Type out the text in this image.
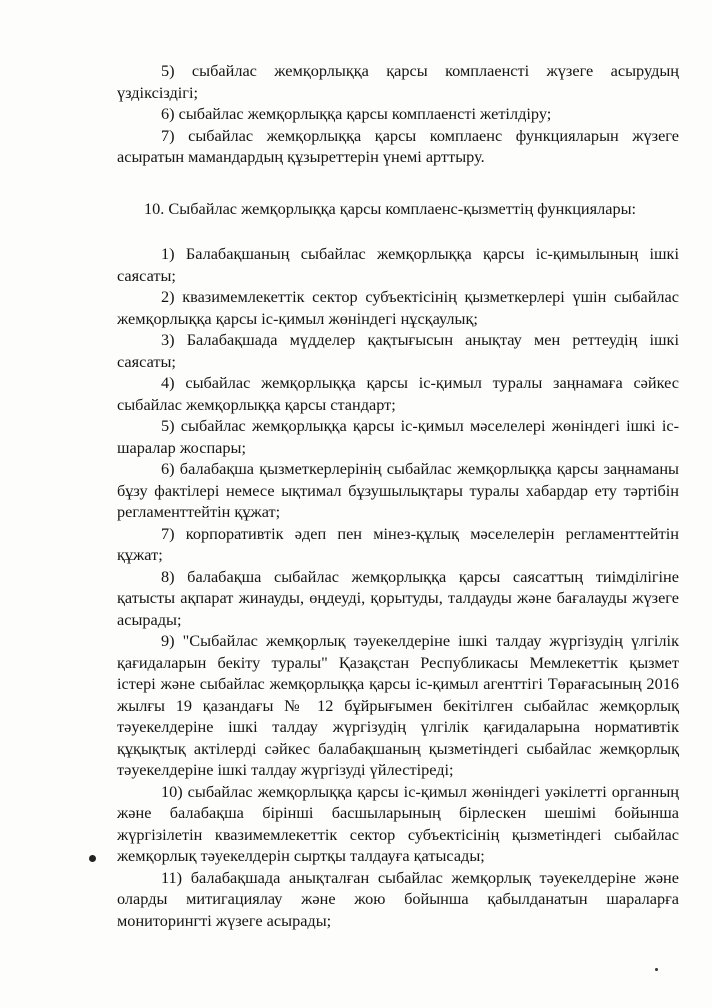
5) сыбайлас жемқорлыққа қарсы комплаенсті жүзеге асырудың үздіксіздігі;

6) сыбайлас жемқорлыққа қарсы комплаенсті жетілдіру;

7) сыбайлас жемқорлыққа қарсы комплаенс функцияларын жүзеге асыратын мамандардың құзыреттерін үнемі арттыру.

10. Сыбайлас жемқорлыққа қарсы комплаенс-қызметтің функциялары:

1) Балабақшаның сыбайлас жемқорлыққа қарсы іс-қимылының ішкі саясаты;

2) квазимемлекеттік сектор субъектісінің қызметкерлері үшін сыбайлас жемқорлыққа қарсы іс-қимыл жөніндегі нұсқаулық;

3) Балабақшада мүдделер қақтығысын анықтау мен реттеудің ішкі саясаты;

4) сыбайлас жемқорлыққа қарсы іс-қимыл туралы заңнамаға сәйкес сыбайлас жемқорлыққа қарсы стандарт;

5) сыбайлас жемқорлыққа қарсы іс-қимыл мәселелері жөніндегі ішкі іс-шаралар жоспары;

6) балабақша қызметкерлерінің сыбайлас жемқорлыққа қарсы заңнаманы бұзу фактілері немесе ықтимал бұзушылықтары туралы хабардар ету тәртібін регламенттейтін құжат;

7) корпоративтік әдеп пен мінез-құлық мәселелерін регламенттейтін құжат;

8) балабақша сыбайлас жемқорлыққа қарсы саясаттың тиімділігіне қатысты ақпарат жинауды, өңдеуді, қорытуды, талдауды және бағалауды жүзеге асырады;

9) "Сыбайлас жемқорлық тәуекелдеріне ішкі талдау жүргізудің үлгілік қағидаларын бекіту туралы" Қазақстан Республикасы Мемлекеттік қызмет істері және сыбайлас жемқорлыққа қарсы іс-қимыл агенттігі Төрағасының 2016 жылғы 19 қазандағы № 12 бұйрығымен бекітілген сыбайлас жемқорлық тәуекелдеріне ішкі талдау жүргізудің үлгілік қағидаларына нормативтік құқықтық актілерді сәйкес балабақшаның қызметіндегі сыбайлас жемқорлық тәуекелдеріне ішкі талдау жүргізуді үйлестіреді;

10) сыбайлас жемқорлыққа қарсы іс-қимыл жөніндегі уәкілетті органның және балабақша бірінші басшыларының бірлескен шешімі бойынша жүргізілетін квазимемлекеттік сектор субъектісінің қызметіндегі сыбайлас жемқорлық тәуекелдерін сыртқы талдауға қатысады;

11) балабақшада анықталған сыбайлас жемқорлық тәуекелдеріне және оларды митигациялау және жою бойынша қабылданатын шараларға мониторингті жүзеге асырады;
